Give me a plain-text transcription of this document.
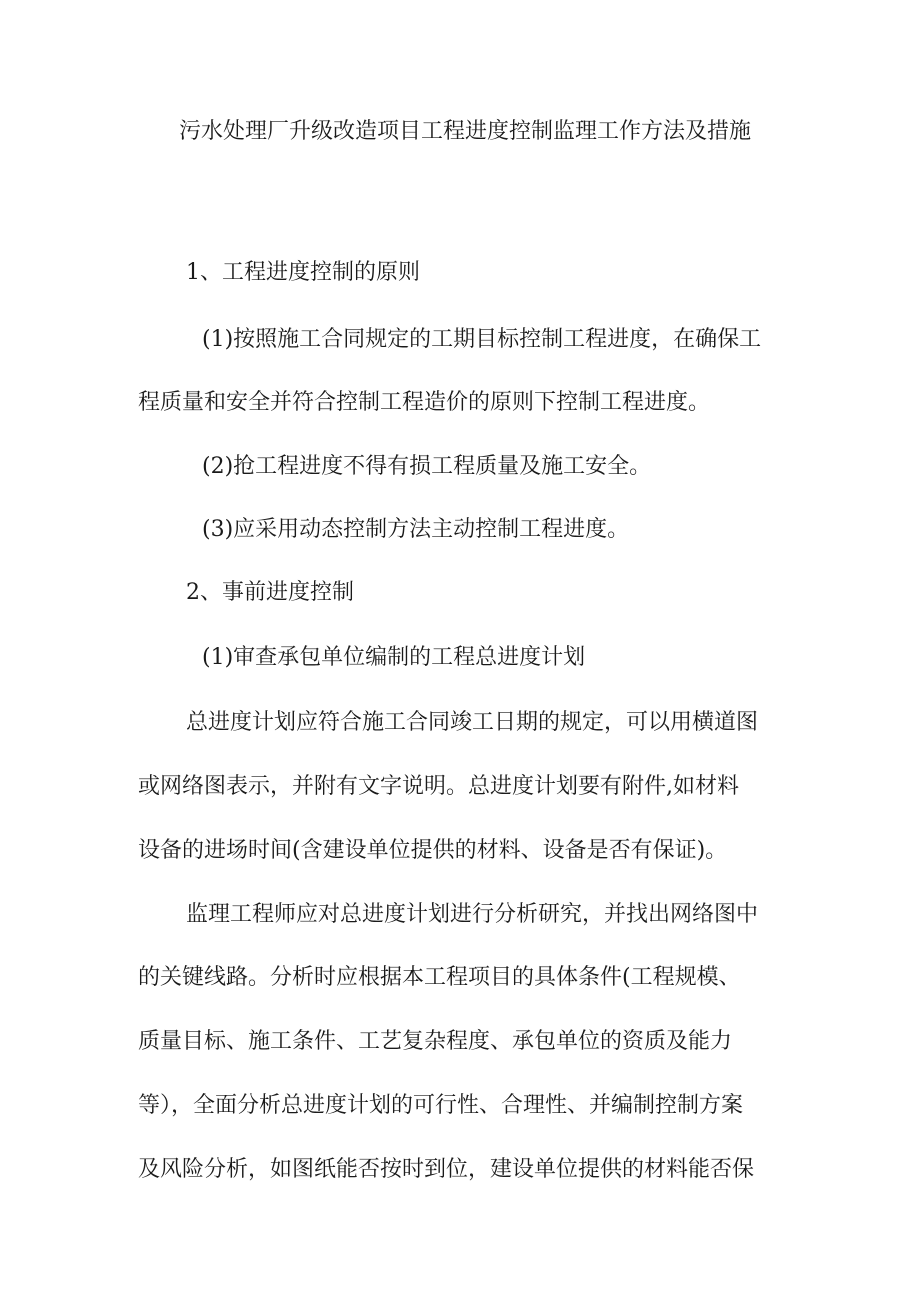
污水处理厂升级改造项目工程进度控制监理工作方法及措施

1、工程进度控制的原则

(1)按照施工合同规定的工期目标控制工程进度，在确保工

程质量和安全并符合控制工程造价的原则下控制工程进度。

(2)抢工程进度不得有损工程质量及施工安全。

(3)应采用动态控制方法主动控制工程进度。

2、事前进度控制

(1)审查承包单位编制的工程总进度计划

总进度计划应符合施工合同竣工日期的规定，可以用横道图

或网络图表示，并附有文字说明。总进度计划要有附件,如材料

设备的进场时间(含建设单位提供的材料、设备是否有保证)。

监理工程师应对总进度计划进行分析研究，并找出网络图中

的关键线路。分析时应根据本工程项目的具体条件(工程规模、

质量目标、施工条件、工艺复杂程度、承包单位的资质及能力

等），全面分析总进度计划的可行性、合理性、并编制控制方案

及风险分析，如图纸能否按时到位，建设单位提供的材料能否保
